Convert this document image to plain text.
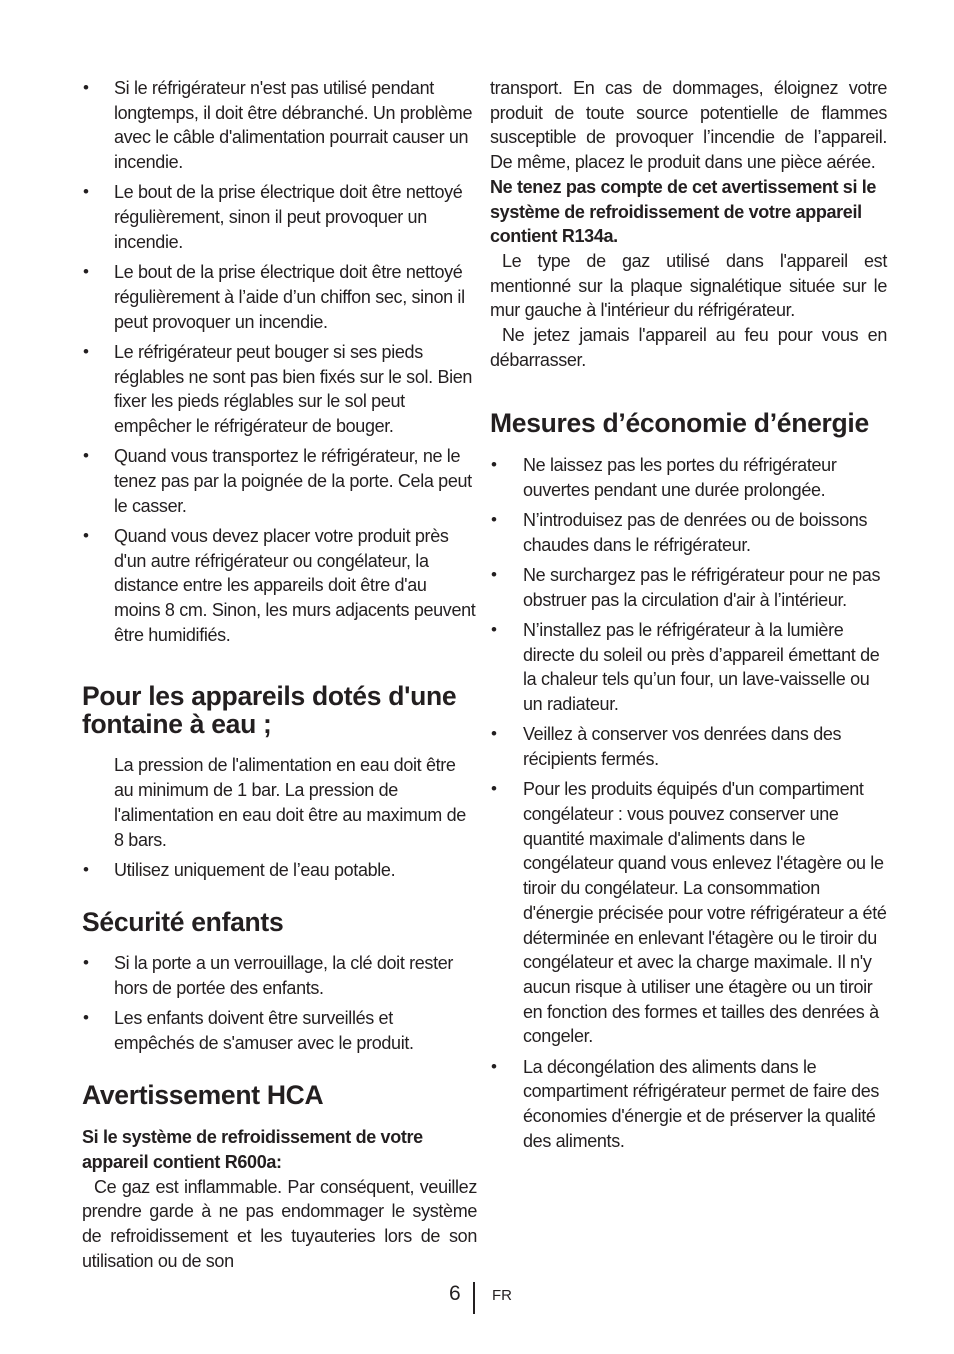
• Si le réfrigérateur n'est pas utilisé pendant longtemps, il doit être débranché. Un problème avec le câble d'alimentation pourrait causer un incendie.
• Le bout de la prise électrique doit être nettoyé régulièrement, sinon il peut provoquer un incendie.
• Le bout de la prise électrique doit être nettoyé régulièrement à l’aide d’un chiffon sec, sinon il peut provoquer un incendie.
• Le réfrigérateur peut bouger si ses pieds réglables ne sont pas bien fixés sur le sol. Bien fixer les pieds réglables sur le sol peut empêcher le réfrigérateur de bouger.
• Quand vous transportez le réfrigérateur, ne le tenez pas par la poignée de la porte. Cela peut le casser.
• Quand vous devez placer votre produit près d'un autre réfrigérateur ou congélateur, la distance entre les appareils doit être d'au moins 8 cm. Sinon, les murs adjacents peuvent être humidifiés.
Pour les appareils dotés d'une fontaine à eau ;
La pression de l'alimentation en eau doit être au minimum de 1 bar. La pression de l'alimentation en eau doit être au maximum de 8 bars.
• Utilisez uniquement de l’eau potable.
Sécurité enfants
• Si la porte a un verrouillage, la clé doit rester hors de portée des enfants.
• Les enfants doivent être surveillés et empêchés de s'amuser avec le produit.
Avertissement HCA
Si le système de refroidissement de votre appareil contient R600a:
Ce gaz est inflammable. Par conséquent, veuillez prendre garde à ne pas endommager le système de refroidissement et les tuyauteries lors de son utilisation ou de son
transport. En cas de dommages, éloignez votre produit de toute source potentielle de flammes susceptible de provoquer l’incendie de l’appareil. De même, placez le produit dans une pièce aérée.
Ne tenez pas compte de cet avertissement si le système de refroidissement de votre appareil contient R134a.
Le type de gaz utilisé dans l'appareil est mentionné sur la plaque signalétique située sur le mur gauche à l'intérieur du réfrigérateur.
Ne jetez jamais l'appareil au feu pour vous en débarrasser.
Mesures d’économie d’énergie
• Ne laissez pas les portes du réfrigérateur ouvertes pendant une durée prolongée.
• N’introduisez pas de denrées ou de boissons chaudes dans le réfrigérateur.
• Ne surchargez pas le réfrigérateur pour ne pas obstruer pas la circulation d'air à l’intérieur.
• N’installez pas le réfrigérateur à la lumière directe du soleil ou près d’appareil émettant de la chaleur tels qu’un four, un lave-vaisselle ou un radiateur.
• Veillez à conserver vos denrées dans des récipients fermés.
• Pour les produits équipés d'un compartiment congélateur : vous pouvez conserver une quantité maximale d'aliments dans le congélateur quand vous enlevez l'étagère ou le tiroir du congélateur. La consommation d'énergie précisée pour votre réfrigérateur a été déterminée en enlevant l'étagère ou le tiroir du congélateur et avec la charge maximale. Il n'y aucun risque à utiliser une étagère ou un tiroir en fonction des formes et tailles des denrées à congeler.
• La décongélation des aliments dans le compartiment réfrigérateur permet de faire des économies d'énergie et de préserver la qualité des aliments.
6 FR
